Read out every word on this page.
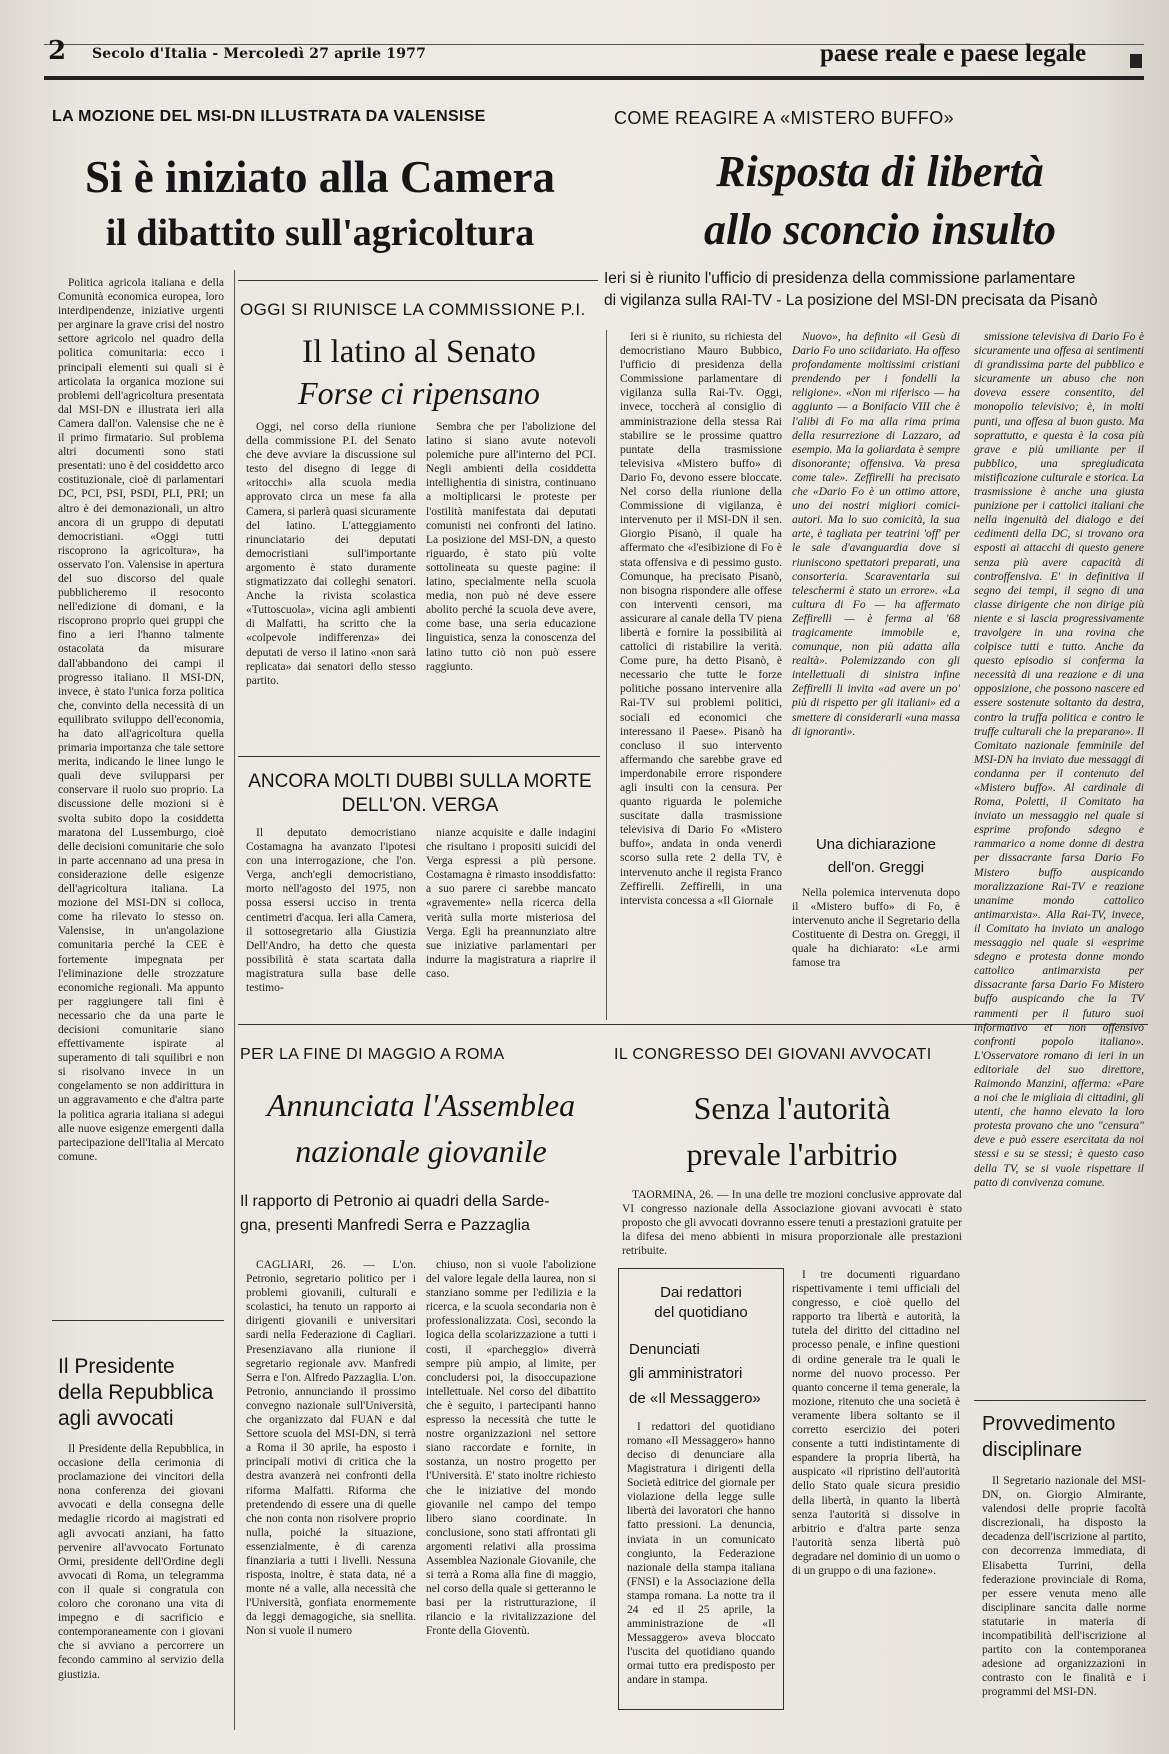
2 Secolo d'Italia - Mercoledì 27 aprile 1977	paese reale e paese legale
LA MOZIONE DEL MSI-DN ILLUSTRATA DA VALENSISE
Si è iniziato alla Camera
il dibattito sull'agricoltura

Politica agricola italiana e della Comunità economica europea, loro interdipendenze, iniziative urgenti per arginare la grave crisi del nostro settore agricolo nel quadro della politica comunitaria: ecco i principali elementi sui quali si è articolata la organica mozione sui problemi dell'agricoltura presentata dal MSI-DN e illustrata ieri alla Camera dall'on. Valensise che ne è il primo firmatario. Sul problema altri documenti sono stati presentati: uno è del cosiddetto arco costituzionale, cioè di parlamentari DC, PCI, PSI, PSDI, PLI, PRI; un altro è dei demonazionali, un altro ancora di un gruppo di deputati democristiani. «Oggi tutti riscoprono la agricoltura», ha osservato l'on. Valensise in apertura del suo discorso del quale pubblicheremo il resoconto nell'edizione di domani, e la riscoprono proprio quei gruppi che fino a ieri l'hanno talmente ostacolata da misurare dall'abbandono dei campi il progresso italiano. Il MSI-DN, invece, è stato l'unica forza politica che, convinto della necessità di un equilibrato sviluppo dell'economia, ha dato all'agricoltura quella primaria importanza che tale settore merita, indicando le linee lungo le quali deve svilupparsi per conservare il ruolo suo proprio. La discussione delle mozioni si è svolta subito dopo la cosiddetta maratona del Lussemburgo, cioè delle decisioni comunitarie che solo in parte accennano ad una presa in considerazione delle esigenze dell'agricoltura italiana. La mozione del MSI-DN si colloca, come ha rilevato lo stesso on. Valensise, in un'angolazione comunitaria perché la CEE è fortemente impegnata per l'eliminazione delle strozzature economiche regionali. Ma appunto per raggiungere tali fini è necessario che da una parte le decisioni comunitarie siano effettivamente ispirate al superamento di tali squilibri e non si risolvano invece in un congelamento se non addirittura in un aggravamento e che d'altra parte la politica agraria italiana si adegui alle nuove esigenze emergenti dalla partecipazione dell'Italia al Mercato comune.

Il Presidente
della Repubblica
agli avvocati

Il Presidente della Repubblica, in occasione della cerimonia di proclamazione dei vincitori della nona conferenza dei giovani avvocati e della consegna delle medaglie ricordo ai magistrati ed agli avvocati anziani, ha fatto pervenire all'avvocato Fortunato Ormi, presidente dell'Ordine degli avvocati di Roma, un telegramma con il quale si congratula con coloro che coronano una vita di impegno e di sacrificio e contemporaneamente con i giovani che si avviano a percorrere un fecondo cammino al servizio della giustizia.

OGGI SI RIUNISCE LA COMMISSIONE P.I.
Il latino al Senato
Forse ci ripensano

Oggi, nel corso della riunione della commissione P.I. del Senato che deve avviare la discussione sul testo del disegno di legge di «ritocchi» alla scuola media approvato circa un mese fa alla Camera, si parlerà quasi sicuramente del latino. L'atteggiamento rinunciatario dei deputati democristiani sull'importante argomento è stato duramente stigmatizzato dai colleghi senatori. Anche la rivista scolastica «Tuttoscuola», vicina agli ambienti di Malfatti, ha scritto che la «colpevole indifferenza» dei deputati de verso il latino «non sarà replicata» dai senatori dello stesso partito.

Sembra che per l'abolizione del latino si siano avute notevoli polemiche pure all'interno del PCI. Negli ambienti della cosiddetta intellighentia di sinistra, continuano a moltiplicarsi le proteste per l'ostilità manifestata dai deputati comunisti nei confronti del latino. La posizione del MSI-DN, a questo riguardo, è stato più volte sottolineata su queste pagine: il latino, specialmente nella scuola media, non può né deve essere abolito perché la scuola deve avere, come base, una seria educazione linguistica, senza la conoscenza del latino tutto ciò non può essere raggiunto.

ANCORA MOLTI DUBBI SULLA MORTE DELL'ON. VERGA

Il deputato democristiano Costamagna ha avanzato l'ipotesi con una interrogazione, che l'on. Verga, anch'egli democristiano, morto nell'agosto del 1975, non possa essersi ucciso in trenta centimetri d'acqua. Ieri alla Camera, il sottosegretario alla Giustizia Dell'Andro, ha detto che questa possibilità è stata scartata dalla magistratura sulla base delle testimo-

nianze acquisite e dalle indagini che risultano i propositi suicidi del Verga espressi a più persone. Costamagna è rimasto insoddisfatto: a suo parere ci sarebbe mancato «gravemente» nella ricerca della verità sulla morte misteriosa del Verga. Egli ha preannunziato altre sue iniziative parlamentari per indurre la magistratura a riaprire il caso.

COME REAGIRE A «MISTERO BUFFO»
Risposta di libertà
allo sconcio insulto
Ieri si è riunito l'ufficio di presidenza della commissione parlamentare
di vigilanza sulla RAI-TV - La posizione del MSI-DN precisata da Pisanò

Ieri si è riunito, su richiesta del democristiano Mauro Bubbico, l'ufficio di presidenza della Commissione parlamentare di vigilanza sulla Rai-Tv. Oggi, invece, toccherà al consiglio di amministrazione della stessa Rai stabilire se le prossime quattro puntate della trasmissione televisiva «Mistero buffo» di Dario Fo, devono essere bloccate. Nel corso della riunione della Commissione di vigilanza, è intervenuto per il MSI-DN il sen. Giorgio Pisanò, il quale ha affermato che «l'esibizione di Fo è stata offensiva e di pessimo gusto. Comunque, ha precisato Pisanò, non bisogna rispondere alle offese con interventi censori, ma assicurare al canale della TV piena libertà e fornire la possibilità ai cattolici di ristabilire la verità. Come pure, ha detto Pisanò, è necessario che tutte le forze politiche possano intervenire alla Rai-TV sui problemi politici, sociali ed economici che interessano il Paese». Pisanò ha concluso il suo intervento affermando che sarebbe grave ed imperdonabile errore rispondere agli insulti con la censura. Per quanto riguarda le polemiche suscitate dalla trasmissione televisiva di Dario Fo «Mistero buffo», andata in onda venerdì scorso sulla rete 2 della TV, è intervenuto anche il regista Franco Zeffirelli. Zeffirelli, in una intervista concessa a «Il Giornale

Nuovo», ha definito «il Gesù di Dario Fo uno sciidariato. Ha offeso profondamente moltissimi cristiani prendendo per i fondelli la religione». «Non mi riferisco — ha aggiunto — a Bonifacio VIII che è l'alibi di Fo ma alla rima prima della resurrezione di Lazzaro, ad esempio. Ma la goliardata è sempre disonorante; offensiva. Va presa come tale». Zeffirelli ha precisato che «Dario Fo è un ottimo attore, uno dei nostri migliori comici-autori. Ma lo suo comicità, la sua arte, è tagliata per teatrini 'off' per le sale d'avanguardia dove si riuniscono spettatori preparati, una consorteria. Scaraventarla sui teleschermi è stato un errore». «La cultura di Fo — ha affermato Zeffirelli — è ferma al '68 tragicamente immobile e, comunque, non più adatta alla realtà». Polemizzando con gli intellettuali di sinistra infine Zeffirelli li invita «ad avere un po' più di rispetto per gli italiani» ed a smettere di considerarli «una massa di ignoranti».

Una dichiarazione
dell'on. Greggi

Nella polemica intervenuta dopo il «Mistero buffo» di Fo, è intervenuto anche il Segretario della Costituente di Destra on. Greggi, il quale ha dichiarato: «Le armi famose tra

smissione televisiva di Dario Fo è sicuramente una offesa ai sentimenti di grandissima parte del pubblico e sicuramente un abuso che non doveva essere consentito, del monopolio televisivo; è, in molti punti, una offesa al buon gusto. Ma soprattutto, e questa è la cosa più grave e più umiliante per il pubblico, una spregiudicata mistificazione culturale e storica. La trasmissione è anche una giusta punizione per i cattolici italiani che nella ingenuità del dialogo e dei cedimenti della DC, si trovano ora esposti ai attacchi di questo genere senza più avere capacità di controffensiva. E' in definitiva il segno dei tempi, il segno di una classe dirigente che non dirige più niente e si lascia progressivamente travolgere in una rovina che colpisce tutti e tutto. Anche da questo episodio si conferma la necessità di una reazione e di una opposizione, che possono nascere ed essere sostenute soltanto da destra, contro la truffa politica e contro le truffe culturali che la preparano». Il Comitato nazionale femminile del MSI-DN ha inviato due messaggi di condanna per il contenuto del «Mistero buffo». Al cardinale di Roma, Poletti, il Comitato ha inviato un messaggio nel quale si esprime profondo sdegno e rammarico a nome donne di destra per dissacrante farsa Dario Fo Mistero buffo auspicando moralizzazione Rai-TV e reazione unanime mondo cattolico antimarxista». Alla Rai-TV, invece, il Comitato ha inviato un analogo messaggio nel quale si «esprime sdegno e protesta donne mondo cattolico antimarxista per dissacrante farsa Dario Fo Mistero buffo auspicando che la TV rammenti per il futuro suoi informativo et non offensivo confronti popolo italiano». L'Osservatore romano di ieri in un editoriale del suo direttore, Raimondo Manzini, afferma: «Pare a noi che le migliaia di cittadini, gli utenti, che hanno elevato la loro protesta provano che uno "censura" deve e può essere esercitata da noi stessi e su se stessi; è questo caso della TV, se si vuole rispettare il patto di convivenza comune.

PER LA FINE DI MAGGIO A ROMA
Annunciata l'Assemblea
nazionale giovanile
Il rapporto di Petronio ai quadri della Sarde-
gna, presenti Manfredi Serra e Pazzaglia

CAGLIARI, 26. — L'on. Petronio, segretario politico per i problemi giovanili, culturali e scolastici, ha tenuto un rapporto ai dirigenti giovanili e universitari sardi nella Federazione di Cagliari. Presenziavano alla riunione il segretario regionale avv. Manfredi Serra e l'on. Alfredo Pazzaglia. L'on. Petronio, annunciando il prossimo convegno nazionale sull'Università, che organizzato dal FUAN e dal Settore scuola del MSI-DN, si terrà a Roma il 30 aprile, ha esposto i principali motivi di critica che la destra avanzerà nei confronti della riforma Malfatti. Riforma che pretendendo di essere una di quelle che non conta non risolvere proprio nulla, poiché la situazione, essenzialmente, è di carenza finanziaria a tutti i livelli. Nessuna risposta, inoltre, è stata data, né a monte né a valle, alla necessità che l'Università, gonfiata enormemente da leggi demagogiche, sia snellita. Non si vuole il numero

chiuso, non si vuole l'abolizione del valore legale della laurea, non si stanziano somme per l'edilizia e la ricerca, e la scuola secondaria non è professionalizzata. Così, secondo la logica della scolarizzazione a tutti i costi, il «parcheggio» diverrà sempre più ampio, al limite, per concludersi poi, la disoccupazione intellettuale. Nel corso del dibattito che è seguito, i partecipanti hanno espresso la necessità che tutte le nostre organizzazioni nel settore siano raccordate e fornite, in sostanza, un nostro progetto per l'Università. E' stato inoltre richiesto che le iniziative del mondo giovanile nel campo del tempo libero siano coordinate. In conclusione, sono stati affrontati gli argomenti relativi alla prossima Assemblea Nazionale Giovanile, che si terrà a Roma alla fine di maggio, nel corso della quale si getteranno le basi per la ristrutturazione, il rilancio e la rivitalizzazione del Fronte della Gioventù.

IL CONGRESSO DEI GIOVANI AVVOCATI
Senza l'autorità
prevale l'arbitrio

TAORMINA, 26. — In una delle tre mozioni conclusive approvate dal VI congresso nazionale della Associazione giovani avvocati è stato proposto che gli avvocati dovranno essere tenuti a prestazioni gratuite per la difesa dei meno abbienti in misura proporzionale alle prestazioni retribuite.

Dai redattori
del quotidiano
Denunciati
gli amministratori
de «Il Messaggero»

I redattori del quotidiano romano «Il Messaggero» hanno deciso di denunciare alla Magistratura i dirigenti della Società editrice del giornale per violazione della legge sulle libertà dei lavoratori che hanno fatto pressioni. La denuncia, inviata in un comunicato congiunto, la Federazione nazionale della stampa italiana (FNSI) e la Associazione della stampa romana. La notte tra il 24 ed il 25 aprile, la amministrazione de «Il Messaggero» aveva bloccato l'uscita del quotidiano quando ormai tutto era predisposto per andare in stampa.

I tre documenti riguardano rispettivamente i temi ufficiali del congresso, e cioè quello del rapporto tra libertà e autorità, la tutela del diritto del cittadino nel processo penale, e infine questioni di ordine generale tra le quali le norme del nuovo processo. Per quanto concerne il tema generale, la mozione, ritenuto che una società è veramente libera soltanto se il corretto esercizio dei poteri consente a tutti indistintamente di espandere la propria libertà, ha auspicato «il ripristino dell'autorità dello Stato quale sicura presidio della libertà, in quanto la libertà senza l'autorità si dissolve in arbitrio e d'altra parte senza l'autorità senza libertà può degradare nel dominio di un uomo o di un gruppo o di una fazione».

Provvedimento
disciplinare

Il Segretario nazionale del MSI-DN, on. Giorgio Almirante, valendosi delle proprie facoltà discrezionali, ha disposto la decadenza dell'iscrizione al partito, con decorrenza immediata, di Elisabetta Turrini, della federazione provinciale di Roma, per essere venuta meno alle disciplinare sancita dalle norme statutarie in materia di incompatibilità dell'iscrizione al partito con la contemporanea adesione ad organizzazioni in contrasto con le finalità e i programmi del MSI-DN.
